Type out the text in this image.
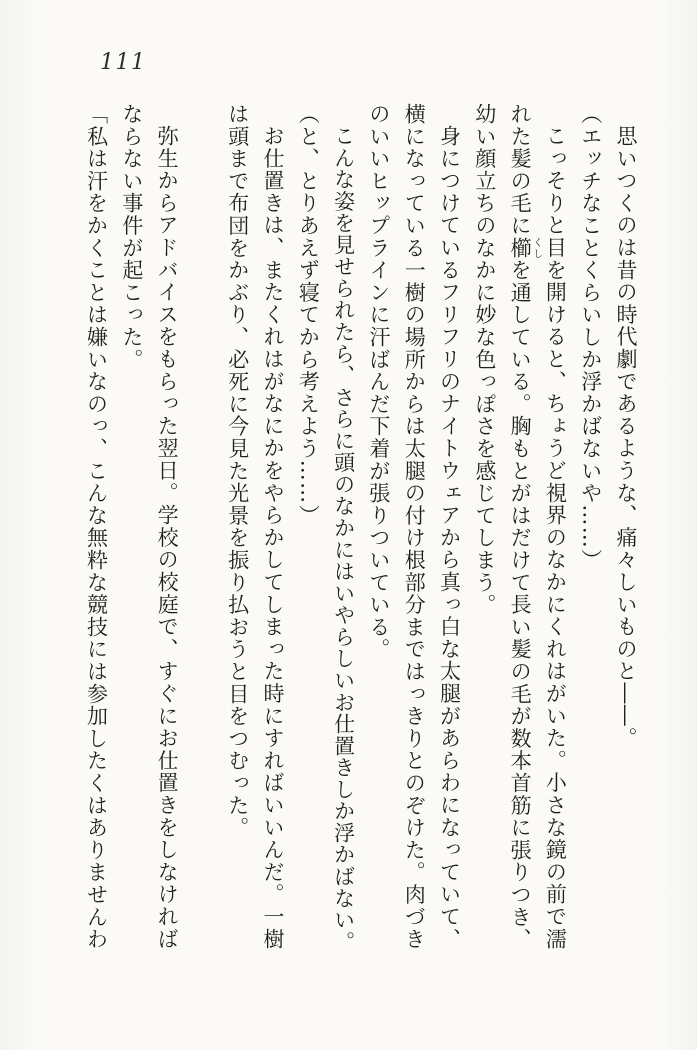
111

思いつくのは昔の時代劇であるような、痛々しいものと――。

（エッチなことくらいしか浮かばないや……）

こっそりと目を開けると、ちょうど視界のなかにくれはがいた。小さな鏡の前で濡れた髪の毛に櫛くしを通している。胸もとがはだけて長い髪の毛が数本首筋に張りつき、幼い顔立ちのなかに妙な色っぽさを感じてしまう。

身につけているフリフリのナイトウェアから真っ白な太腿があらわになっていて、横になっている一樹の場所からは太腿の付け根部分まではっきりとのぞけた。肉づきのいいヒップラインに汗ばんだ下着が張りついている。

こんな姿を見せられたら、さらに頭のなかにはいやらしいお仕置きしか浮かばない。

（と、とりあえず寝てから考えよう……）

お仕置きは、またくれはがなにかをやらかしてしまった時にすればいいんだ。一樹は頭まで布団をかぶり、必死に今見た光景を振り払おうと目をつむった。

弥生からアドバイスをもらった翌日。学校の校庭で、すぐにお仕置きをしなければならない事件が起こった。

「私は汗をかくことは嫌いなのっ、こんな無粋な競技には参加したくはありませんわ
